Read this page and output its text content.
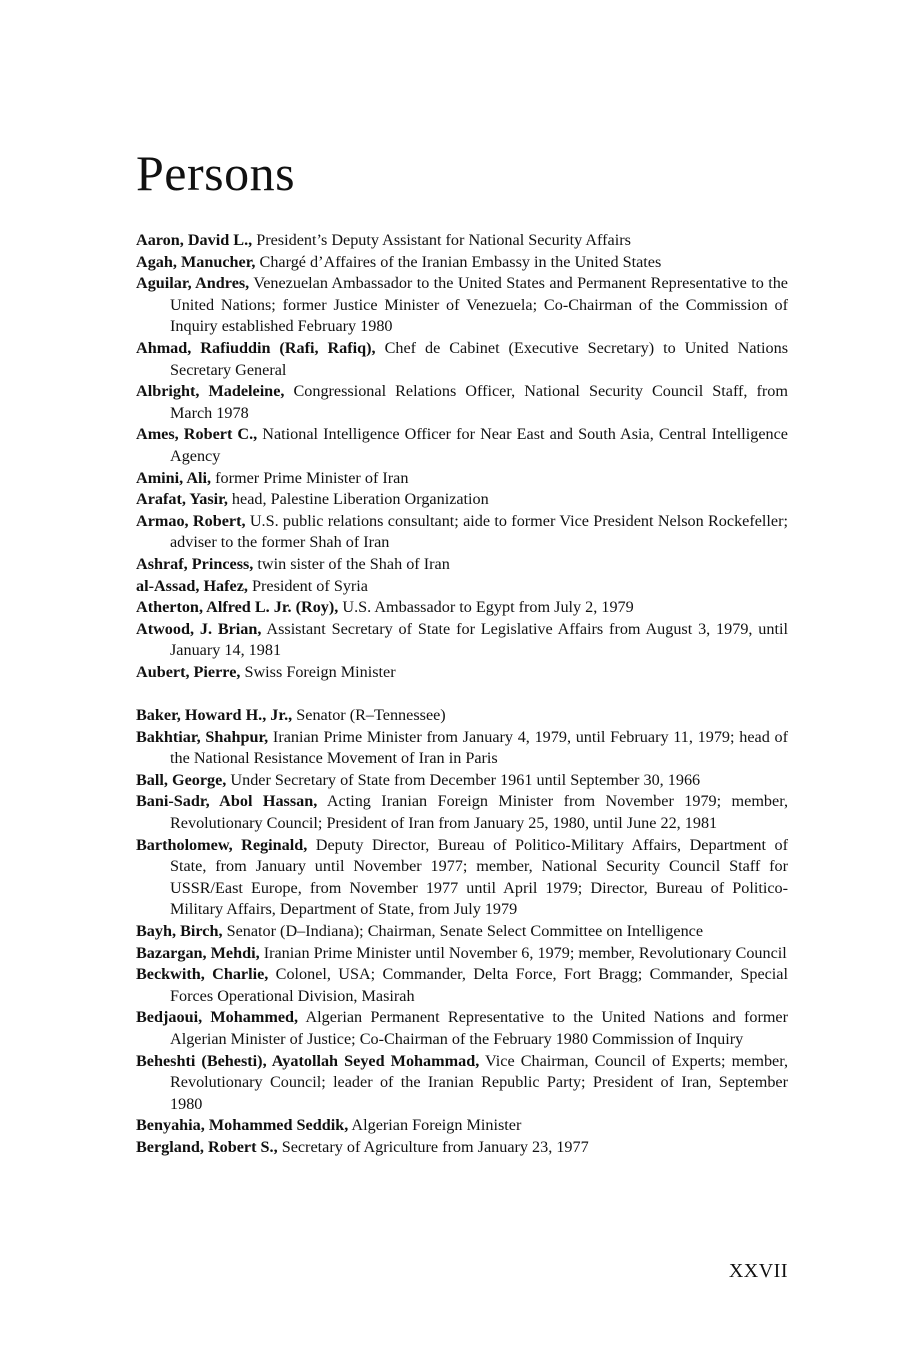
Persons
Aaron, David L., President’s Deputy Assistant for National Security Affairs
Agah, Manucher, Chargé d’Affaires of the Iranian Embassy in the United States
Aguilar, Andres, Venezuelan Ambassador to the United States and Permanent Representative to the United Nations; former Justice Minister of Venezuela; Co-Chairman of the Commission of Inquiry established February 1980
Ahmad, Rafiuddin (Rafi, Rafiq), Chef de Cabinet (Executive Secretary) to United Nations Secretary General
Albright, Madeleine, Congressional Relations Officer, National Security Council Staff, from March 1978
Ames, Robert C., National Intelligence Officer for Near East and South Asia, Central Intelligence Agency
Amini, Ali, former Prime Minister of Iran
Arafat, Yasir, head, Palestine Liberation Organization
Armao, Robert, U.S. public relations consultant; aide to former Vice President Nelson Rockefeller; adviser to the former Shah of Iran
Ashraf, Princess, twin sister of the Shah of Iran
al-Assad, Hafez, President of Syria
Atherton, Alfred L. Jr. (Roy), U.S. Ambassador to Egypt from July 2, 1979
Atwood, J. Brian, Assistant Secretary of State for Legislative Affairs from August 3, 1979, until January 14, 1981
Aubert, Pierre, Swiss Foreign Minister
Baker, Howard H., Jr., Senator (R–Tennessee)
Bakhtiar, Shahpur, Iranian Prime Minister from January 4, 1979, until February 11, 1979; head of the National Resistance Movement of Iran in Paris
Ball, George, Under Secretary of State from December 1961 until September 30, 1966
Bani-Sadr, Abol Hassan, Acting Iranian Foreign Minister from November 1979; member, Revolutionary Council; President of Iran from January 25, 1980, until June 22, 1981
Bartholomew, Reginald, Deputy Director, Bureau of Politico-Military Affairs, Department of State, from January until November 1977; member, National Security Council Staff for USSR/East Europe, from November 1977 until April 1979; Director, Bureau of Politico-Military Affairs, Department of State, from July 1979
Bayh, Birch, Senator (D–Indiana); Chairman, Senate Select Committee on Intelligence
Bazargan, Mehdi, Iranian Prime Minister until November 6, 1979; member, Revolutionary Council
Beckwith, Charlie, Colonel, USA; Commander, Delta Force, Fort Bragg; Commander, Special Forces Operational Division, Masirah
Bedjaoui, Mohammed, Algerian Permanent Representative to the United Nations and former Algerian Minister of Justice; Co-Chairman of the February 1980 Commission of Inquiry
Beheshti (Behesti), Ayatollah Seyed Mohammad, Vice Chairman, Council of Experts; member, Revolutionary Council; leader of the Iranian Republic Party; President of Iran, September 1980
Benyahia, Mohammed Seddik, Algerian Foreign Minister
Bergland, Robert S., Secretary of Agriculture from January 23, 1977
XXVII
